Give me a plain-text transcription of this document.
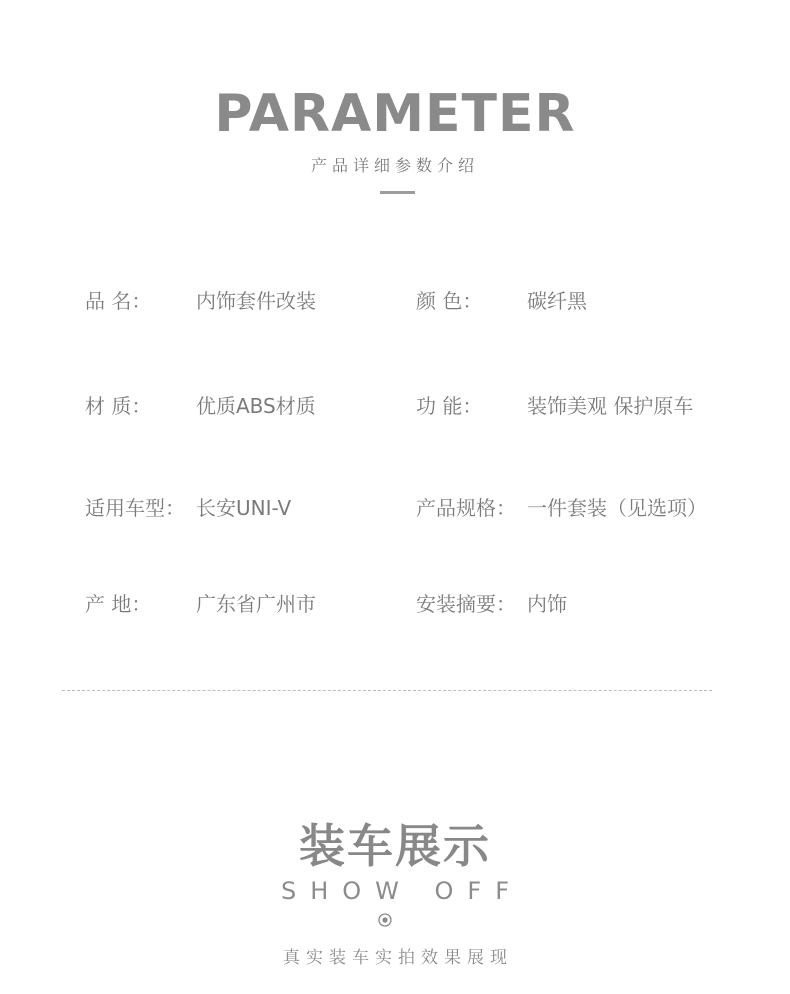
PARAMETER
产品详细参数介绍
品 名：	内饰套件改装	颜 色：	碳纤黑
材 质：	优质ABS材质	功 能：	装饰美观 保护原车
适用车型： 长安UNI-V	产品规格： 一件套装（见选项）
产 地：	广东省广州市	安装摘要： 内饰
装车展示
SHOW OFF
真实装车实拍效果展现
